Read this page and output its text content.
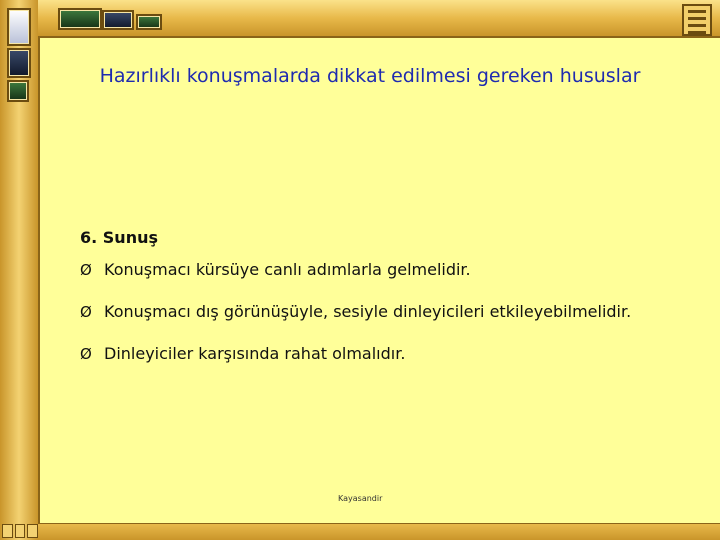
Hazırlıklı konuşmalarda dikkat edilmesi gereken hususlar
6. Sunuş
Ø Konuşmacı kürsüye canlı adımlarla gelmelidir.
Ø Konuşmacı dış görünüşüyle, sesiyle dinleyicileri etkileyebilmelidir.
Ø Dinleyiciler karşısında rahat olmalıdır.
Kayasandir
